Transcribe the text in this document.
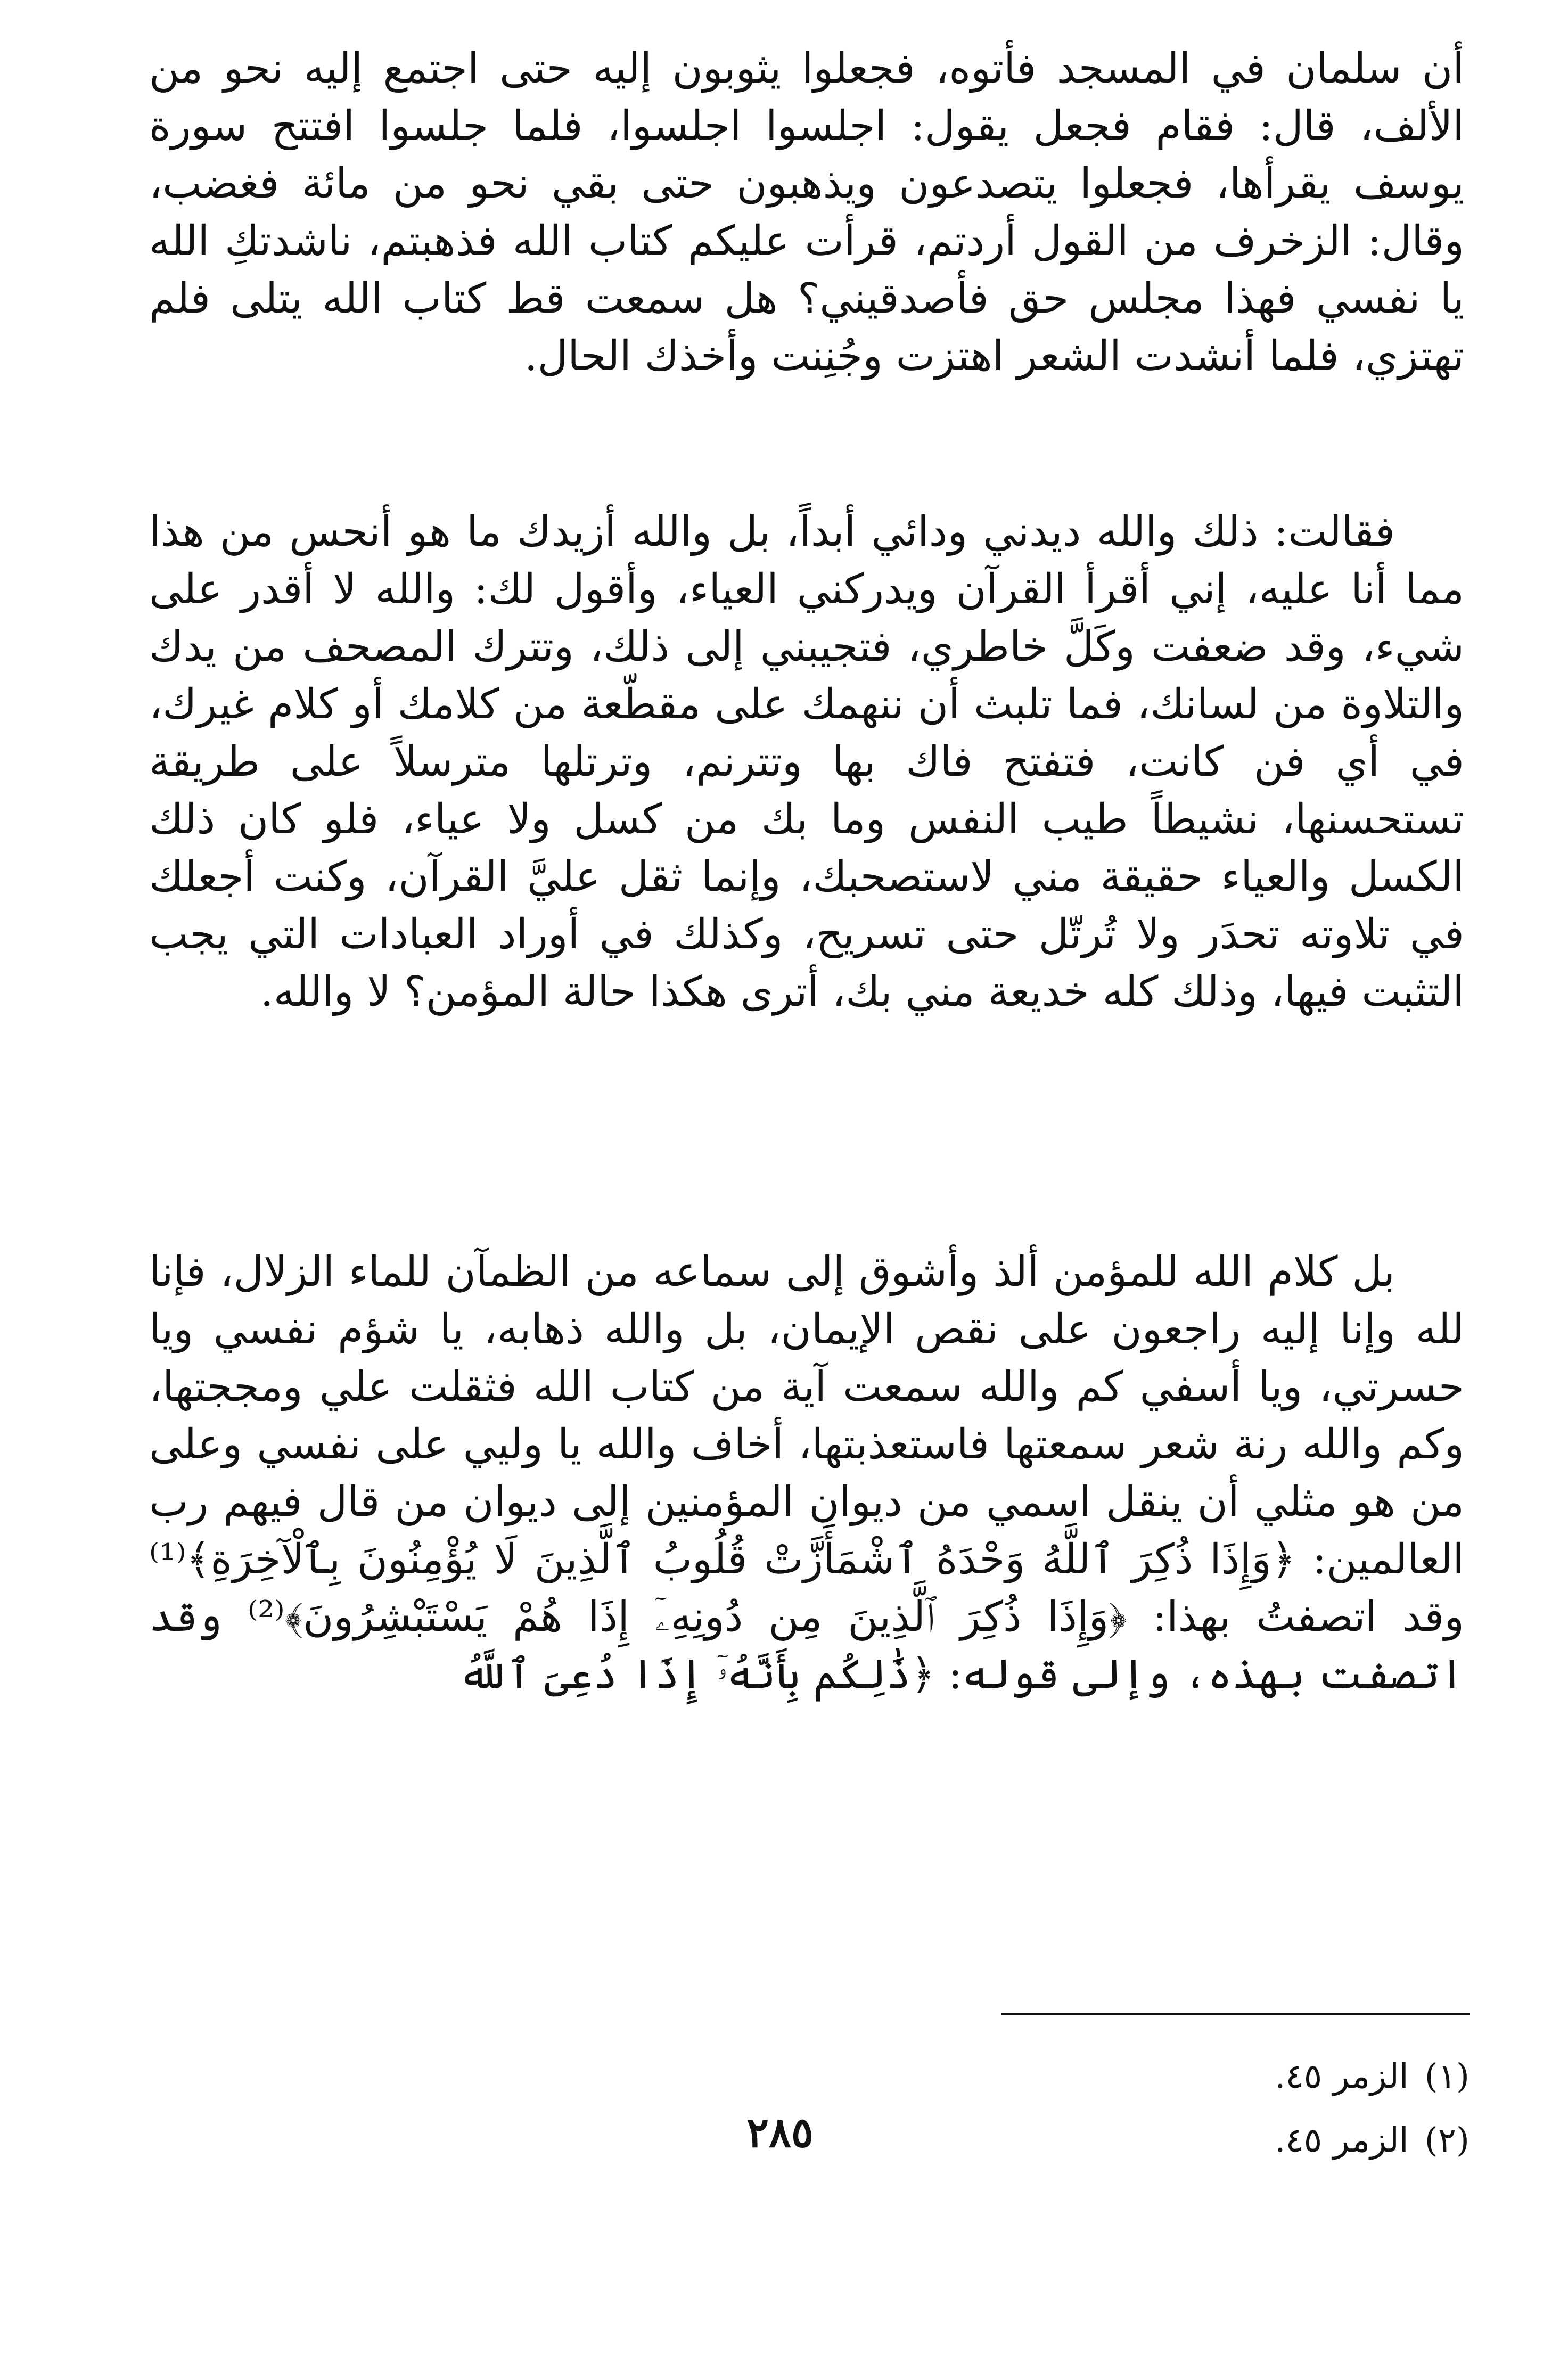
أن سلمان في المسجد فأتوه، فجعلوا يثوبون إليه حتى اجتمع إليه نحو من الألف، قال: فقام فجعل يقول: اجلسوا اجلسوا، فلما جلسوا افتتح سورة يوسف يقرأها، فجعلوا يتصدعون ويذهبون حتى بقي نحو من مائة فغضب، وقال: الزخرف من القول أردتم، قرأت عليكم كتاب الله فذهبتم، ناشدتكِ الله يا نفسي فهذا مجلس حق فأصدقيني؟ هل سمعت قط كتاب الله يتلى فلم تهتزي، فلما أنشدت الشعر اهتزت وجُنِنت وأخذك الحال.

فقالت: ذلك والله ديدني ودائي أبداً، بل والله أزيدك ما هو أنحس من هذا مما أنا عليه، إني أقرأ القرآن ويدركني العياء، وأقول لك: والله لا أقدر على شيء، وقد ضعفت وكَلَّ خاطري، فتجيبني إلى ذلك، وتترك المصحف من يدك والتلاوة من لسانك، فما تلبث أن ننهمك على مقطّعة من كلامك أو كلام غيرك، في أي فن كانت، فتفتح فاك بها وتترنم، وترتلها مترسلاً على طريقة تستحسنها، نشيطاً طيب النفس وما بك من كسل ولا عياء، فلو كان ذلك الكسل والعياء حقيقة مني لاستصحبك، وإنما ثقل عليَّ القرآن، وكنت أجعلك في تلاوته تحدَر ولا تُرتّل حتى تسريح، وكذلك في أوراد العبادات التي يجب التثبت فيها، وذلك كله خديعة مني بك، أترى هكذا حالة المؤمن؟ لا والله.

بل كلام الله للمؤمن ألذ وأشوق إلى سماعه من الظمآن للماء الزلال، فإنا لله وإنا إليه راجعون على نقص الإيمان، بل والله ذهابه، يا شؤم نفسي ويا حسرتي، ويا أسفي كم والله سمعت آية من كتاب الله فثقلت علي ومججتها، وكم والله رنة شعر سمعتها فاستعذبتها، أخاف والله يا وليي على نفسي وعلى من هو مثلي أن ينقل اسمي من ديوان المؤمنين إلى ديوان من قال فيهم رب العالمين: ﴿وَإِذَا ذُكِرَ ٱللَّهُ وَحْدَهُ ٱشْمَأَزَّتْ قُلُوبُ ٱلَّذِينَ لَا يُؤْمِنُونَ بِٱلْآخِرَةِ﴾⁽¹⁾ وقد اتصفتُ بهذا: ﴿وَإِذَا ذُكِرَ ٱلَّذِينَ مِن دُونِهِۦٓ إِذَا هُمْ يَسْتَبْشِرُونَ﴾⁽²⁾ وقد اتصفت بهذه، وإلى قوله: ﴿ذَٰلِكُم بِأَنَّهُۥٓ إِذَا دُعِىَ ٱللَّهُ

(١)الزمر ٤٥.
(٢)الزمر ٤٥.
٢٨٥
